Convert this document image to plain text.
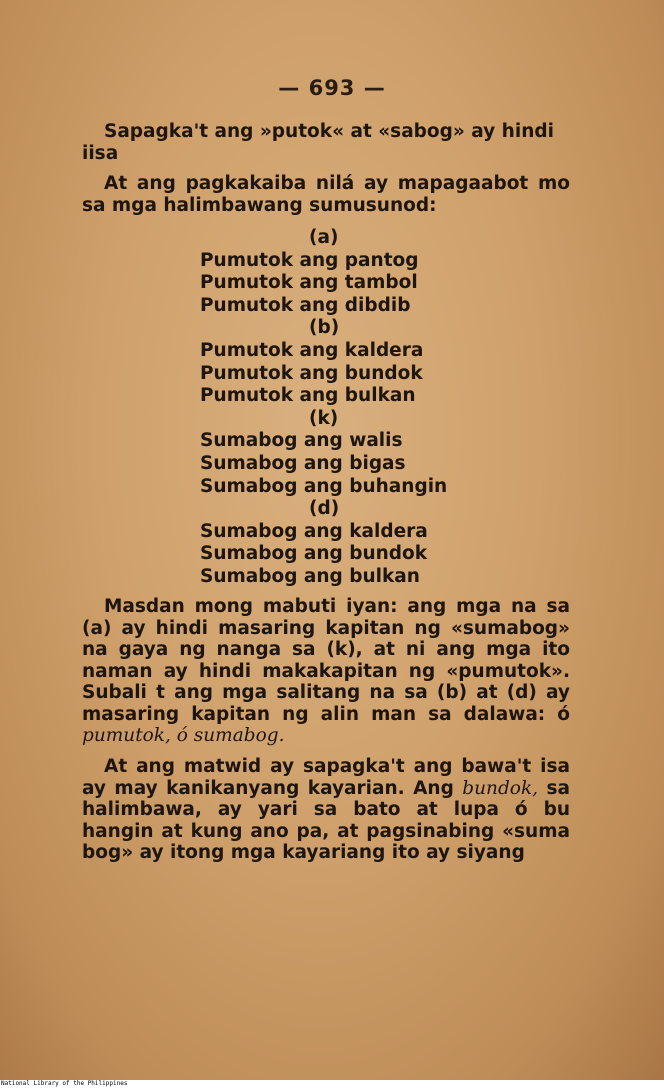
— 693 —
Sapagka't ang »putok« at «sabog» ay hindi iisa
At ang pagkakaiba nilá ay mapagaabot mo sa mga halimbawang sumusunod:
(a)
Pumutok ang pantog
Pumutok ang tambol
Pumutok ang dibdib
(b)
Pumutok ang kaldera
Pumutok ang bundok
Pumutok ang bulkan
(k)
Sumabog ang walis
Sumabog ang bigas
Sumabog ang buhangin
(d)
Sumabog ang kaldera
Sumabog ang bundok
Sumabog ang bulkan
Masdan mong mabuti iyan: ang mga na sa (a) ay hindi masaring kapitan ng «sumabog» na gaya ng nanga sa (k), at ni ang mga ito naman ay hindi makakapitan ng «pumutok». Subali t ang mga salitang na sa (b) at (d) ay masaring kapitan ng alin man sa dalawa: ó pumutok, ó sumabog.
At ang matwid ay sapagka't ang bawa't isa ay may kanikanyang kayarian. Ang bundok, sa halimbawa, ay yari sa bato at lupa ó bu hangin at kung ano pa, at pagsinabing «suma bog» ay itong mga kayariang ito ay siyang
National Library of the Philippines
